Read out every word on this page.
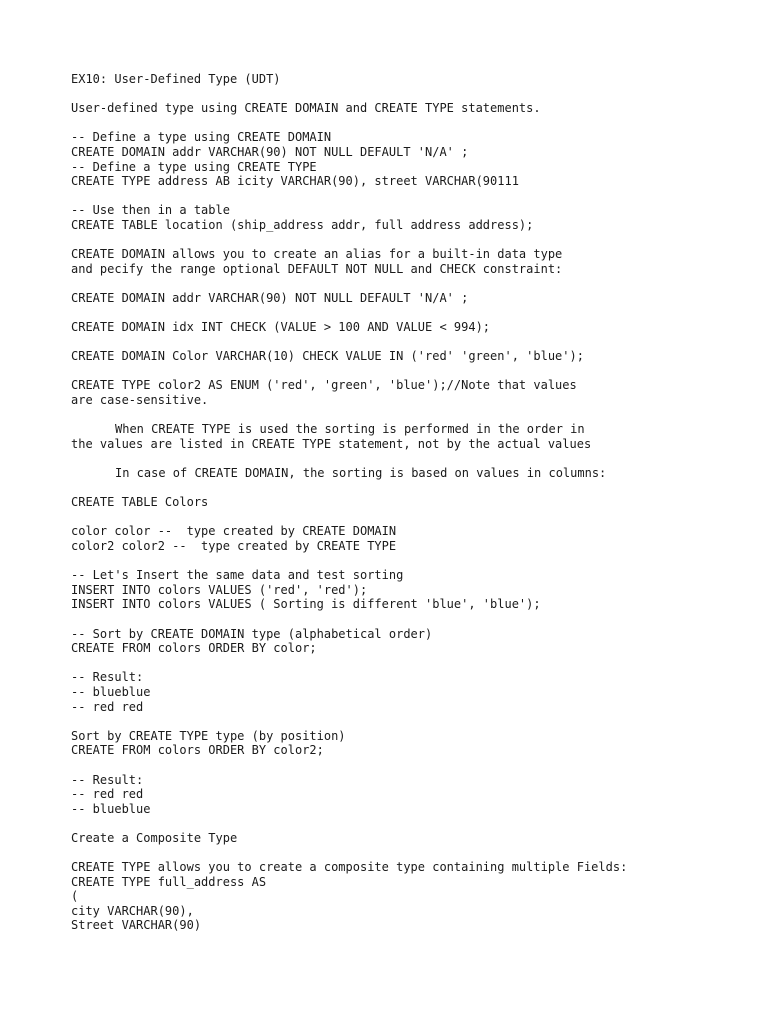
EX10: User-Defined Type (UDT)
User-defined type using CREATE DOMAIN and CREATE TYPE statements.
-- Define a type using CREATE DOMAIN
CREATE DOMAIN addr VARCHAR(90) NOT NULL DEFAULT 'N/A' ;
-- Define a type using CREATE TYPE
CREATE TYPE address AB icity VARCHAR(90), street VARCHAR(90111
-- Use then in a table
CREATE TABLE location (ship_address addr, full address address);
CREATE DOMAIN allows you to create an alias for a built-in data type
and pecify the range optional DEFAULT NOT NULL and CHECK constraint:
CREATE DOMAIN addr VARCHAR(90) NOT NULL DEFAULT 'N/A' ;
CREATE DOMAIN idx INT CHECK (VALUE > 100 AND VALUE < 994);
CREATE DOMAIN Color VARCHAR(10) CHECK VALUE IN ('red' 'green', 'blue');
CREATE TYPE color2 AS ENUM ('red', 'green', 'blue');//Note that values
are case-sensitive.
When CREATE TYPE is used the sorting is performed in the order in
the values are listed in CREATE TYPE statement, not by the actual values
In case of CREATE DOMAIN, the sorting is based on values in columns:
CREATE TABLE Colors
color color --  type created by CREATE DOMAIN
color2 color2 --  type created by CREATE TYPE
-- Let's Insert the same data and test sorting
INSERT INTO colors VALUES ('red', 'red');
INSERT INTO colors VALUES ( Sorting is different 'blue', 'blue');
-- Sort by CREATE DOMAIN type (alphabetical order)
CREATE FROM colors ORDER BY color;
-- Result:
-- blueblue
-- red red
Sort by CREATE TYPE type (by position)
CREATE FROM colors ORDER BY color2;
-- Result:
-- red red
-- blueblue
Create a Composite Type
CREATE TYPE allows you to create a composite type containing multiple Fields:
CREATE TYPE full_address AS
(
city VARCHAR(90),
Street VARCHAR(90)
